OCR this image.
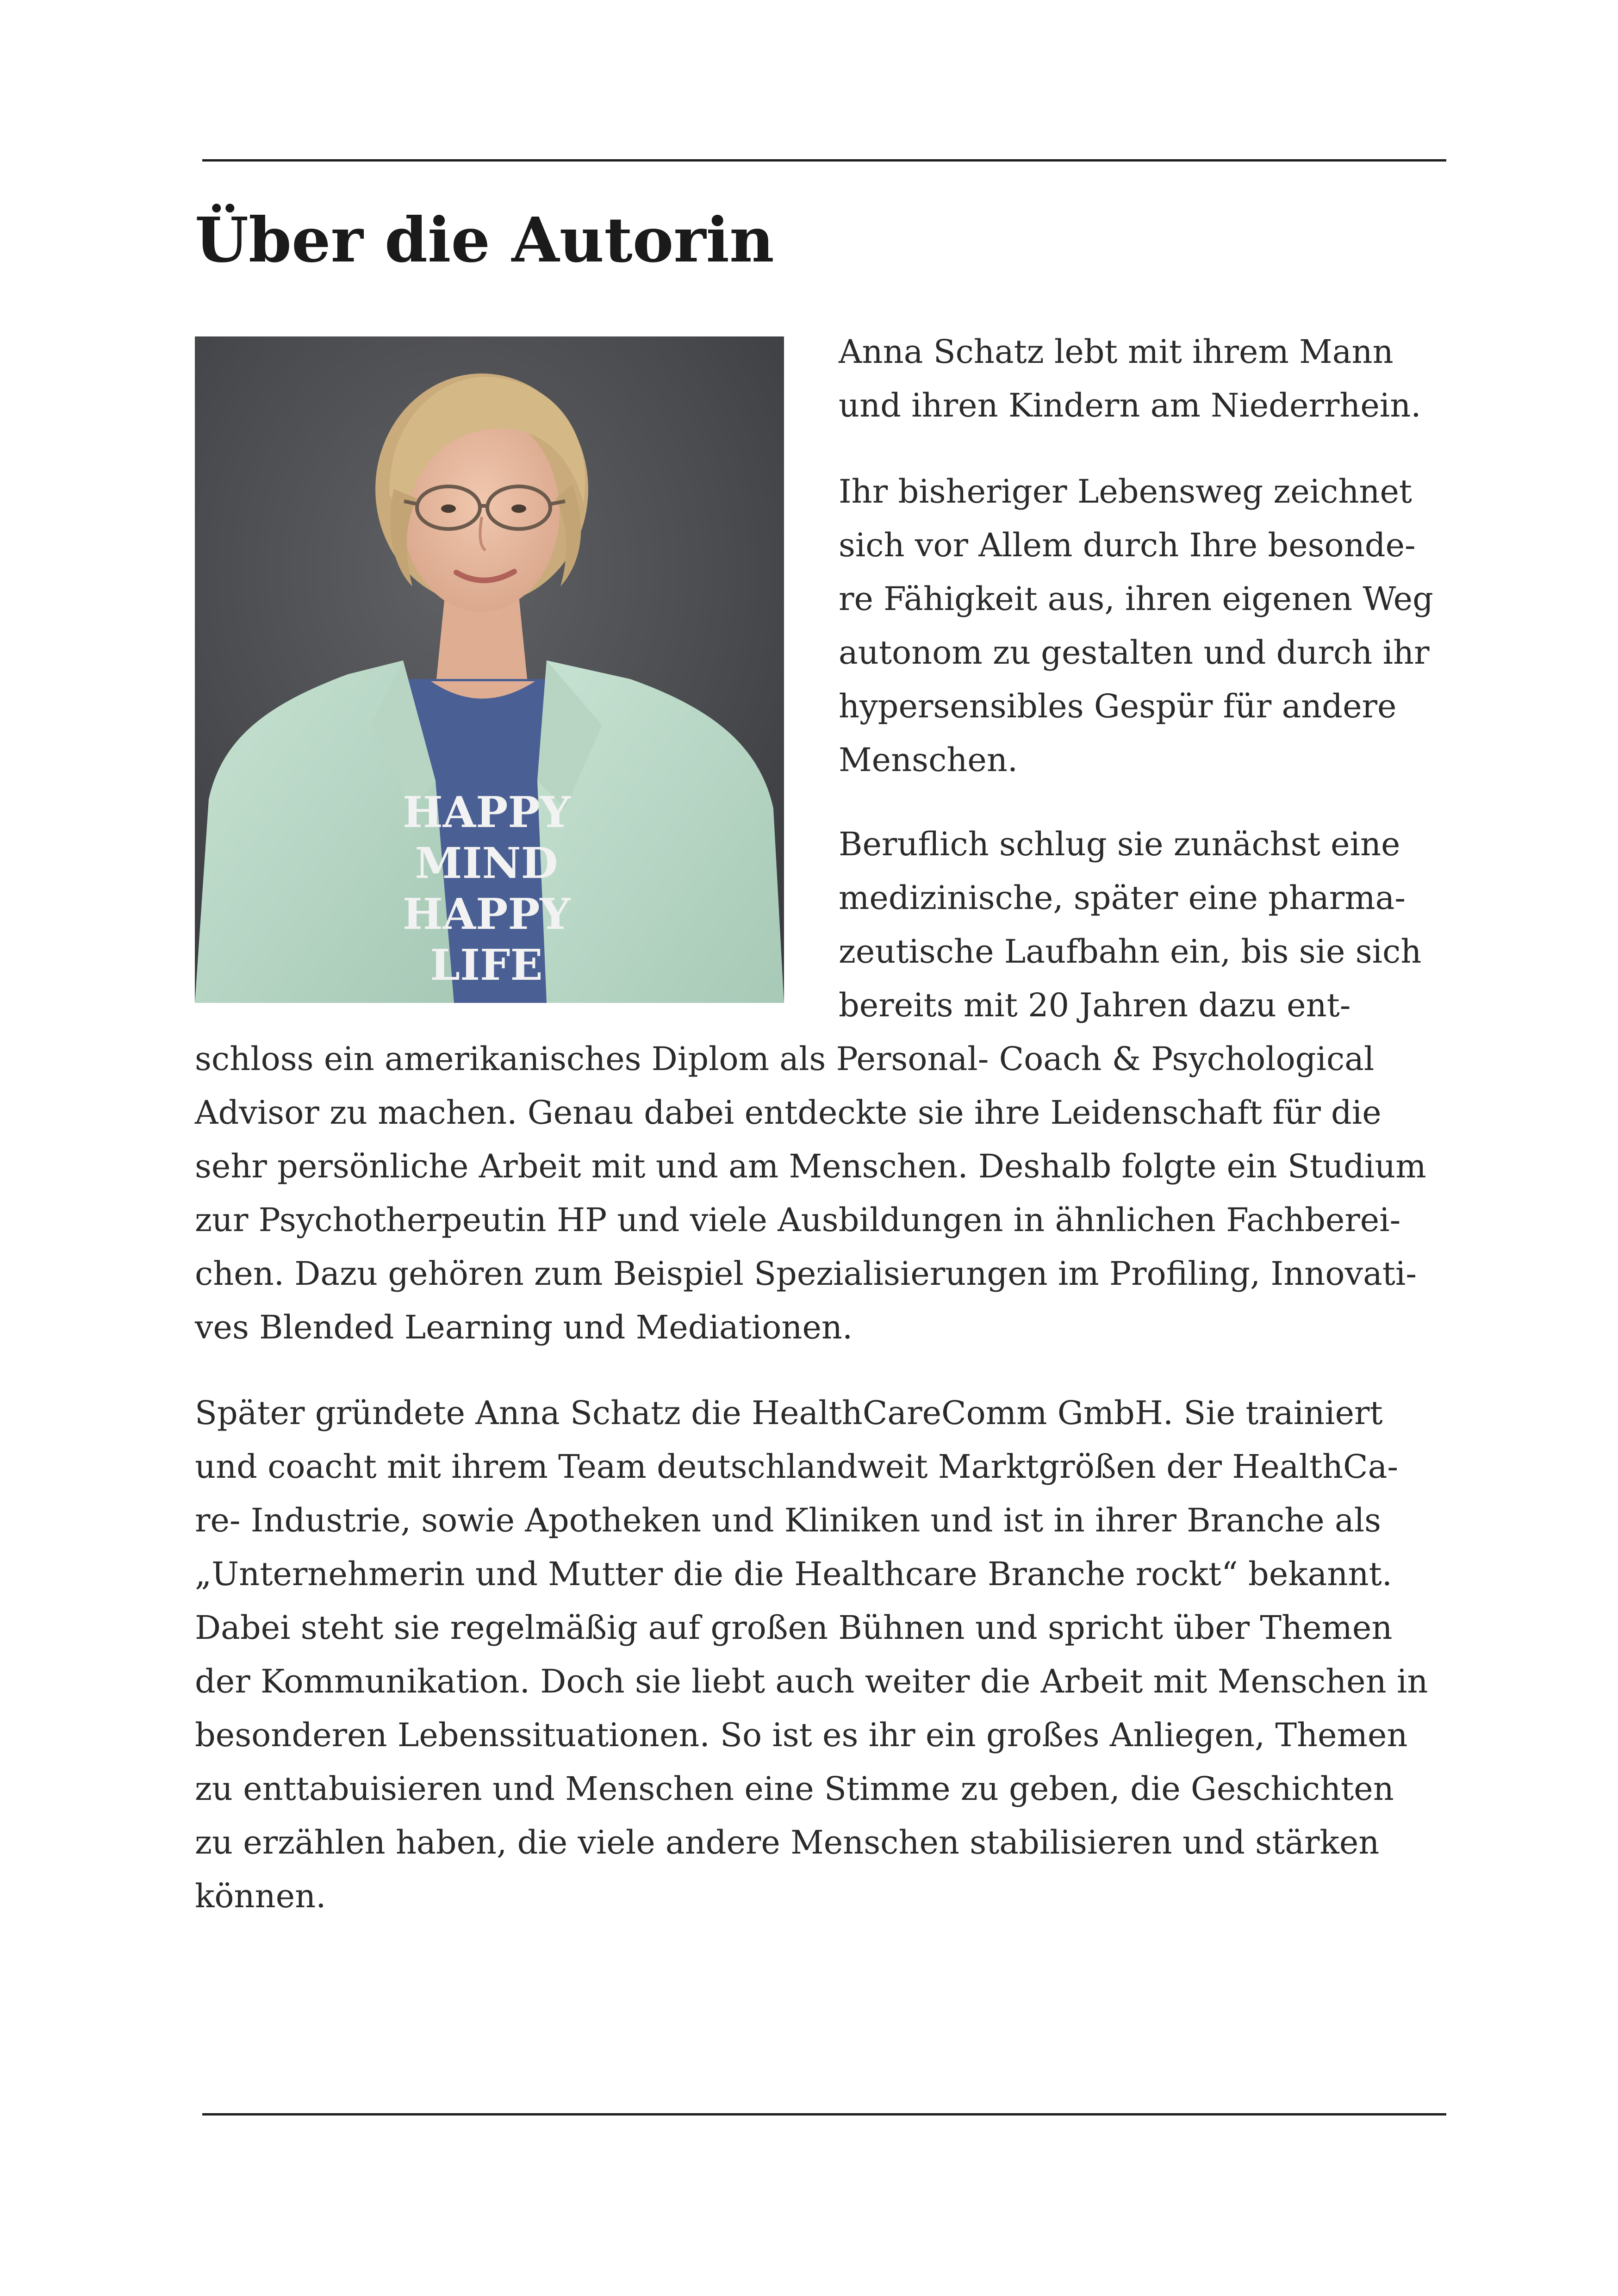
Über die Autorin
HAPPY
MIND
HAPPY
LIFE
Anna Schatz lebt mit ihrem Mann
und ihren Kindern am Niederrhein.
Ihr bisheriger Lebensweg zeichnet
sich vor Allem durch Ihre besonde-
re Fähigkeit aus, ihren eigenen Weg
autonom zu gestalten und durch ihr
hypersensibles Gespür für andere
Menschen.
Beruflich schlug sie zunächst eine
medizinische, später eine pharma-
zeutische Laufbahn ein, bis sie sich
bereits mit 20 Jahren dazu ent-
schloss ein amerikanisches Diplom als Personal- Coach & Psychological
Advisor zu machen. Genau dabei entdeckte sie ihre Leidenschaft für die
sehr persönliche Arbeit mit und am Menschen. Deshalb folgte ein Studium
zur Psychotherpeutin HP und viele Ausbildungen in ähnlichen Fachberei-
chen. Dazu gehören zum Beispiel Spezialisierungen im Profiling, Innovati-
ves Blended Learning und Mediationen.
Später gründete Anna Schatz die HealthCareComm GmbH. Sie trainiert
und coacht mit ihrem Team deutschlandweit Marktgrößen der HealthCa-
re- Industrie, sowie Apotheken und Kliniken und ist in ihrer Branche als
„Unternehmerin und Mutter die die Healthcare Branche rockt“ bekannt.
Dabei steht sie regelmäßig auf großen Bühnen und spricht über Themen
der Kommunikation. Doch sie liebt auch weiter die Arbeit mit Menschen in
besonderen Lebenssituationen. So ist es ihr ein großes Anliegen, Themen
zu enttabuisieren und Menschen eine Stimme zu geben, die Geschichten
zu erzählen haben, die viele andere Menschen stabilisieren und stärken
können.
